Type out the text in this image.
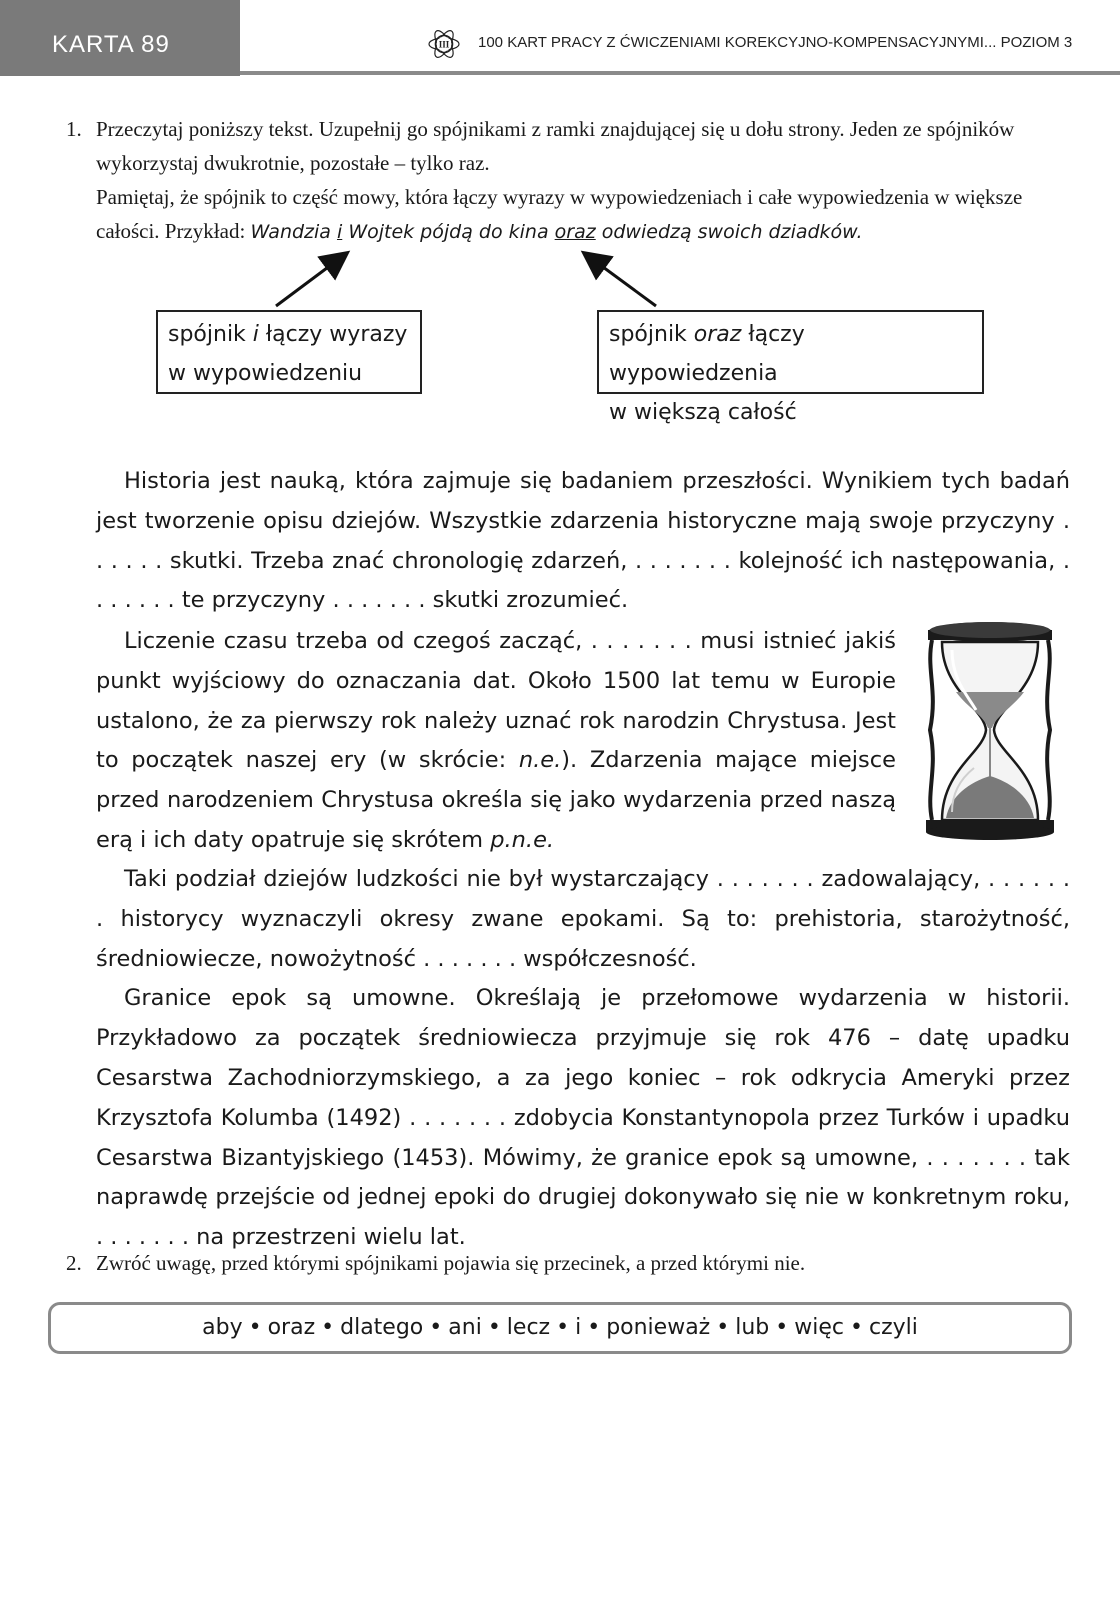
KARTA 89	III 100 KART PRACY Z ĆWICZENIAMI KOREKCYJNO-KOMPENSACYJNYMI... POZIOM 3
1. Przeczytaj poniższy tekst. Uzupełnij go spójnikami z ramki znajdującej się u dołu strony. Jeden ze spójników wykorzystaj dwukrotnie, pozostałe – tylko raz.
Pamiętaj, że spójnik to część mowy, która łączy wyrazy w wypowiedzeniach i całe wypowiedzenia w większe całości. Przykład: Wandzia i Wojtek pójdą do kina oraz odwiedzą swoich dziadków.
spójnik i łączy wyrazy
w wypowiedzeniu
spójnik oraz łączy wypowiedzenia
w większą całość

Historia jest nauką, która zajmuje się badaniem przeszłości. Wynikiem tych badań jest tworzenie opisu dziejów. Wszystkie zdarzenia historyczne mają swoje przyczyny . . . . . . skutki. Trzeba znać chronologię zdarzeń, . . . . . . . kolejność ich następowania, . . . . . . . te przyczyny . . . . . . . skutki zrozumieć.

Liczenie czasu trzeba od czegoś zacząć, . . . . . . . musi istnieć jakiś punkt wyjściowy do oznaczania dat. Około 1500 lat temu w Europie ustalono, że za pierwszy rok należy uznać rok narodzin Chrystusa. Jest to początek naszej ery (w skrócie: n.e.). Zdarzenia mające miejsce przed narodzeniem Chrystusa określa się jako wydarzenia przed naszą erą i ich daty opatruje się skrótem p.n.e.

Taki podział dziejów ludzkości nie był wystarczający . . . . . . . zadowalający, . . . . . . . historycy wyznaczyli okresy zwane epokami. Są to: prehistoria, starożytność, średniowiecze, nowożytność . . . . . . . współczesność.

Granice epok są umowne. Określają je przełomowe wydarzenia w historii. Przykładowo za początek średniowiecza przyjmuje się rok 476 – datę upadku Cesarstwa Zachodniorzymskiego, a za jego koniec – rok odkrycia Ameryki przez Krzysztofa Kolumba (1492) . . . . . . . zdobycia Konstantynopola przez Turków i upadku Cesarstwa Bizantyjskiego (1453). Mówimy, że granice epok są umowne, . . . . . . . tak naprawdę przejście od jednej epoki do drugiej dokonywało się nie w konkretnym roku, . . . . . . . na przestrzeni wielu lat.

2. Zwróć uwagę, przed którymi spójnikami pojawia się przecinek, a przed którymi nie.
aby • oraz • dlatego • ani • lecz • i • ponieważ • lub • więc • czyli
